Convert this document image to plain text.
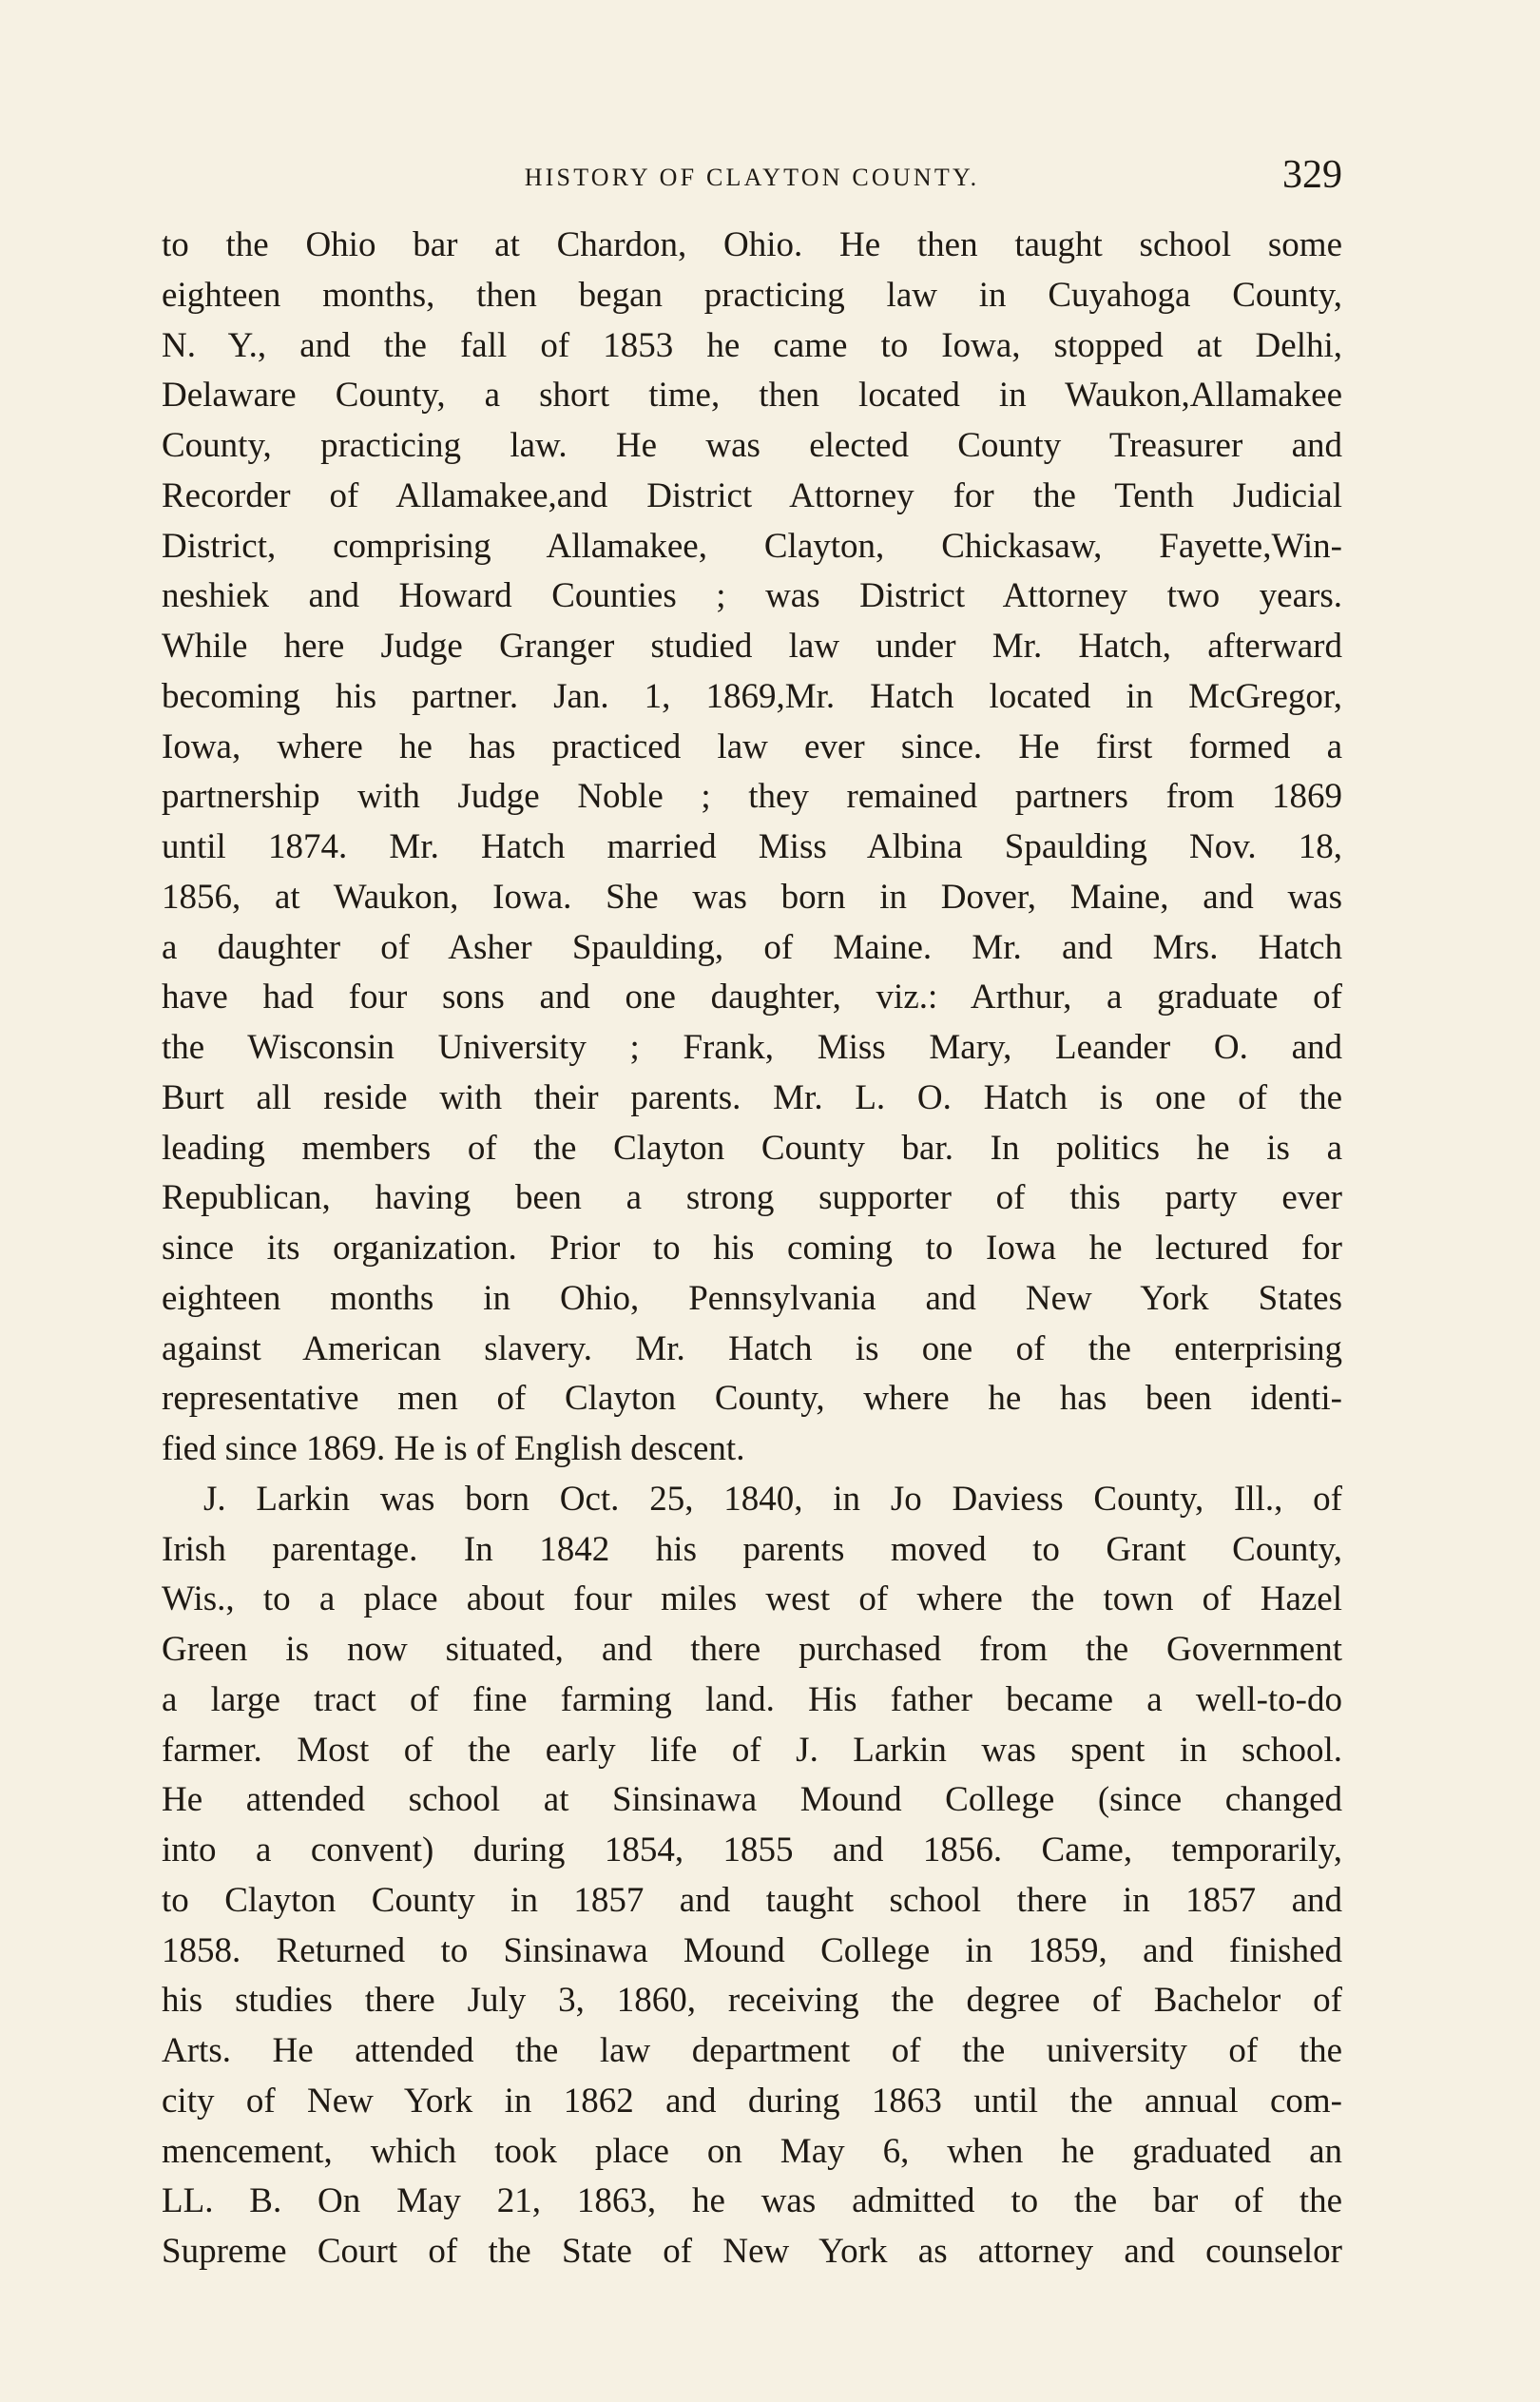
HISTORY OF CLAYTON COUNTY.	329
to the Ohio bar at Chardon, Ohio. He then taught school some
eighteen months, then began practicing law in Cuyahoga County,
N. Y., and the fall of 1853 he came to Iowa, stopped at Delhi,
Delaware County, a short time, then located in Waukon,Allamakee
County, practicing law. He was elected County Treasurer and
Recorder of Allamakee,and District Attorney for the Tenth Judicial
District, comprising Allamakee, Clayton, Chickasaw, Fayette,Win-
neshiek and Howard Counties ; was District Attorney two years.
While here Judge Granger studied law under Mr. Hatch, afterward
becoming his partner. Jan. 1, 1869,Mr. Hatch located in McGregor,
Iowa, where he has practiced law ever since. He first formed a
partnership with Judge Noble ; they remained partners from 1869
until 1874. Mr. Hatch married Miss Albina Spaulding Nov. 18,
1856, at Waukon, Iowa. She was born in Dover, Maine, and was
a daughter of Asher Spaulding, of Maine. Mr. and Mrs. Hatch
have had four sons and one daughter, viz.: Arthur, a graduate of
the Wisconsin University ; Frank, Miss Mary, Leander O. and
Burt all reside with their parents. Mr. L. O. Hatch is one of the
leading members of the Clayton County bar. In politics he is a
Republican, having been a strong supporter of this party ever
since its organization. Prior to his coming to Iowa he lectured for
eighteen months in Ohio, Pennsylvania and New York States
against American slavery. Mr. Hatch is one of the enterprising
representative men of Clayton County, where he has been identi-
fied since 1869. He is of English descent.
J. Larkin was born Oct. 25, 1840, in Jo Daviess County, Ill., of
Irish parentage. In 1842 his parents moved to Grant County,
Wis., to a place about four miles west of where the town of Hazel
Green is now situated, and there purchased from the Government
a large tract of fine farming land. His father became a well-to-do
farmer. Most of the early life of J. Larkin was spent in school.
He attended school at Sinsinawa Mound College (since changed
into a convent) during 1854, 1855 and 1856. Came, temporarily,
to Clayton County in 1857 and taught school there in 1857 and
1858. Returned to Sinsinawa Mound College in 1859, and finished
his studies there July 3, 1860, receiving the degree of Bachelor of
Arts. He attended the law department of the university of the
city of New York in 1862 and during 1863 until the annual com-
mencement, which took place on May 6, when he graduated an
LL. B. On May 21, 1863, he was admitted to the bar of the
Supreme Court of the State of New York as attorney and counselor
